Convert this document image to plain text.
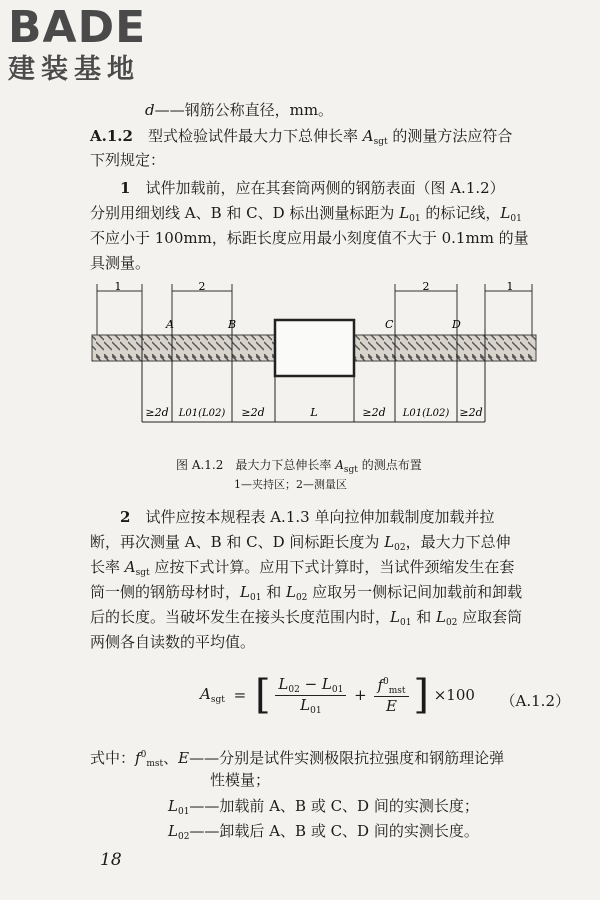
BADE
建装基地
d——钢筋公称直径，mm。
A.1.2　 型式检验试件最大力下总伸长率 $A_{sgt}$ 的测量方法应符合
下列规定：
1　 试件加载前，应在其套筒两侧的钢筋表面（图 A.1.2）
分别用细划线 A、B 和 C、D 标出测量标距为 $L_{01}$ 的标记线，$L_{01}$
不应小于 100mm，标距长度应用最小刻度值不大于 0.1mm 的量
具测量。
1	2	2	1
A	B	C	D
≥2d L01(L02) ≥2d	L	≥2d L01(L02) ≥2d
图 A.1.2　最大力下总伸长率 $A_{sgt}$ 的测点布置
1—夹持区；2—测量区
2　 试件应按本规程表 A.1.3 单向拉伸加载制度加载并拉
断，再次测量 A、B 和 C、D 间标距长度为 $L_{02}$，最大力下总伸
长率 $A_{sgt}$ 应按下式计算。应用下式计算时，当试件颈缩发生在套
筒一侧的钢筋母材时，$L_{01}$ 和 $L_{02}$ 应取另一侧标记间加载前和卸载
后的长度。当破坏发生在接头长度范围内时，$L_{01}$ 和 $L_{02}$ 应取套筒
两侧各自读数的平均值。
$A_{sgt}$ = [ $\frac{L_{02} - L_{01}}{L_{01}} + \frac{f^0_{mst}}{E}$ ] ×100 （A.1.2）
式中：$f^0_{mst}$、E——分别是试件实测极限抗拉强度和钢筋理论弹
性模量；
$L_{01}——$加载前 A、B 或 C、D 间的实测长度；
$L_{02}——$卸载后 A、B 或 C、D 间的实测长度。
18
